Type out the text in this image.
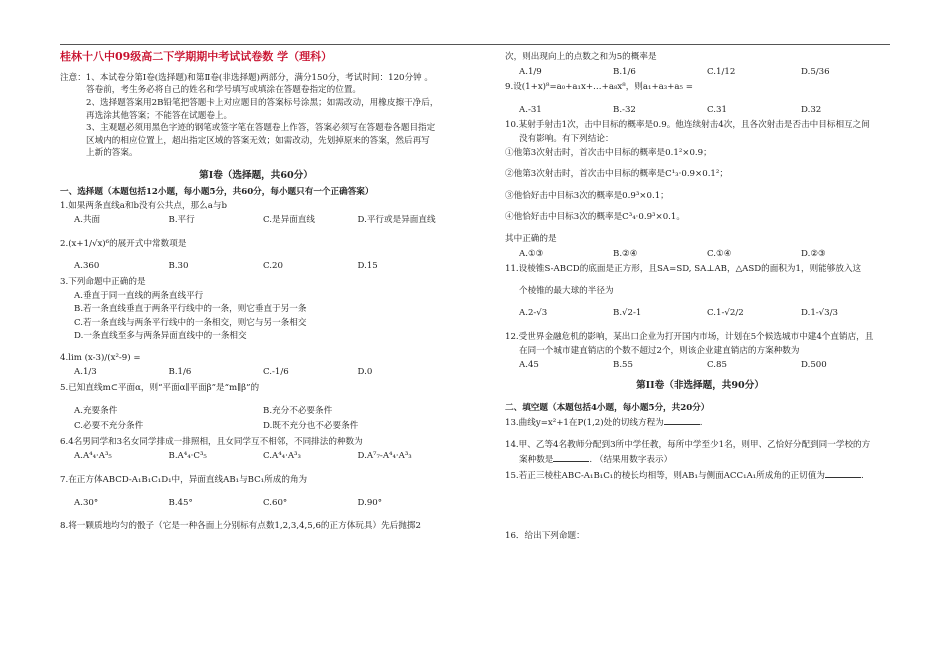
桂林十八中09级高二下学期期中考试试卷数 学（理科）
注意：1、本试卷分第Ⅰ卷(选择题)和第Ⅱ卷(非选择题)两部分，满分150分，考试时间：120分钟 。
答卷前，考生务必将自己的姓名和学号填写或填涂在答题卷指定的位置。
2、选择题答案用2B铅笔把答题卡上对应题目的答案标号涂黑；如需改动，用橡皮擦干净后，
再选涂其他答案；不能答在试题卷上。
3、主观题必须用黑色字迹的钢笔或签字笔在答题卷上作答，答案必须写在答题卷各题目指定
区域内的相应位置上，超出指定区域的答案无效；如需改动，先划掉原来的答案，然后再写
上新的答案。
第Ⅰ卷（选择题，共60分）
一、选择题（本题包括12小题，每小题5分，共60分，每小题只有一个正确答案）
1.如果两条直线a和b没有公共点，那么a与b
A.共面	B.平行	C.是异面直线	D.平行或是异面直线
2.(x+1/√x)⁶的展开式中常数项是
A.360	B.30	C.20	D.15
3.下列命题中正确的是
A.垂直于同一直线的两条直线平行
B.若一条直线垂直于两条平行线中的一条，则它垂直于另一条
C.若一条直线与两条平行线中的一条相交，则它与另一条相交
D.一条直线至多与两条异面直线中的一条相交
4.lim (x-3)/(x²-9) =
A.1/3	B.1/6	C.-1/6	D.0
5.已知直线m⊂平面α，则“平面α∥平面β”是“m∥β”的
A.充要条件	B.充分不必要条件
C.必要不充分条件	D.既不充分也不必要条件
6.4名男同学和3名女同学排成一排照相，且女同学互不相邻，不同排法的种数为
A.A⁴₄·A³₅	B.A⁴₄·C³₅	C.A⁴₄·A³₃	D.A⁷₇-A⁴₄·A³₃
7.在正方体ABCD-A₁B₁C₁D₁中，异面直线AB₁与BC₁所成的角为
A.30°	B.45°	C.60°	D.90°
8.将一颗质地均匀的骰子（它是一种各面上分别标有点数1,2,3,4,5,6的正方体玩具）先后抛掷2
次，则出现向上的点数之和为5的概率是
A.1/9	B.1/6	C.1/12	D.5/36
9.设(1+x)⁸=a₀+a₁x+…+a₈x⁸，则a₁+a₃+a₅ =
A.-31	B.-32	C.31	D.32
10.某射手射击1次，击中目标的概率是0.9。他连续射击4次，且各次射击是否击中目标相互之间
没有影响。有下列结论：
①他第3次射击时，首次击中目标的概率是0.1²×0.9；
②他第3次射击时，首次击中目标的概率是C¹₃·0.9×0.1²；
③他恰好击中目标3次的概率是0.9³×0.1；
④他恰好击中目标3次的概率是C³₄·0.9³×0.1。
其中正确的是
A.①③	B.②④	C.①④	D.②③
11.设棱锥S-ABCD的底面是正方形，且SA=SD, SA⊥AB，△ASD的面积为1，则能够放入这
个棱锥的最大球的半径为
A.2-√3	B.√2-1	C.1-√2/2	D.1-√3/3
12.受世界金融危机的影响，某出口企业为打开国内市场，计划在5个候选城市中建4个直销店，且
在同一个城市建直销店的个数不超过2个，则该企业建直销店的方案种数为
A.45	B.55	C.85	D.500
第II卷（非选择题，共90分）
二、填空题（本题包括4小题，每小题5分，共20分）
13.曲线y=x²+1在P(1,2)处的切线方程为	.
14.甲、乙等4名教师分配到3所中学任教，每所中学至少1名，则甲、乙恰好分配到同一学校的方
案种数是	. （结果用数字表示）
15.若正三棱柱ABC-A₁B₁C₁的棱长均相等，则AB₁与侧面ACC₁A₁所成角的正切值为	.
16．给出下列命题：
